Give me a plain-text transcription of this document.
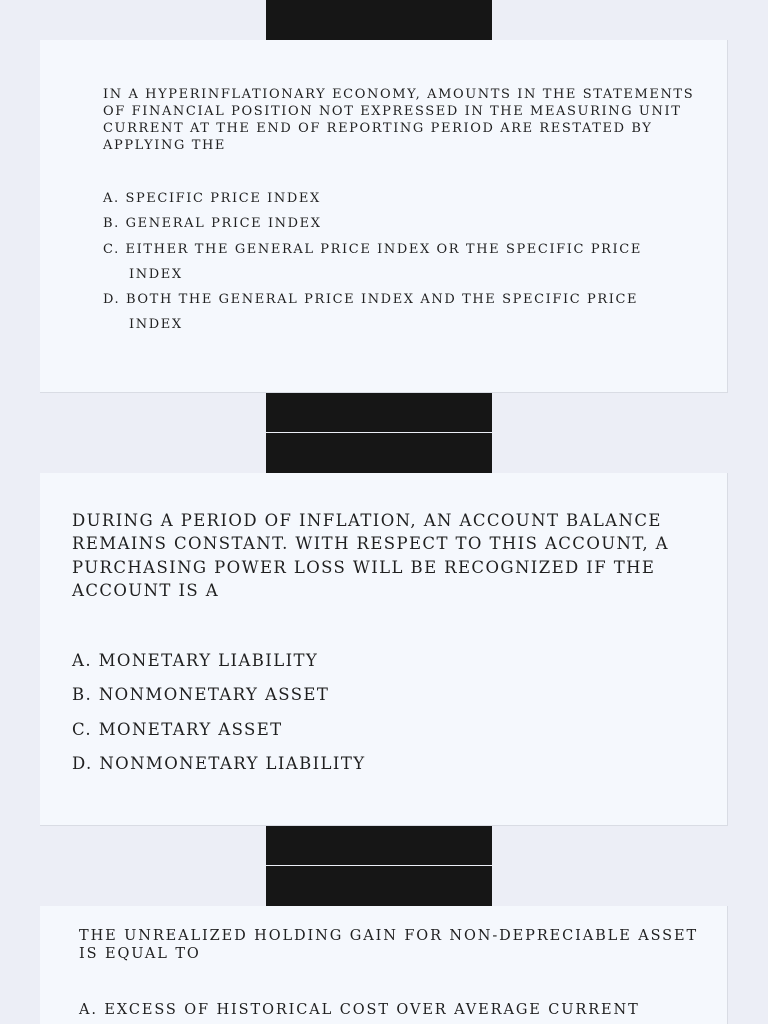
IN A HYPERINFLATIONARY ECONOMY, AMOUNTS IN THE STATEMENTS OF FINANCIAL POSITION NOT EXPRESSED IN THE MEASURING UNIT CURRENT AT THE END OF REPORTING PERIOD ARE RESTATED BY APPLYING THE

A. SPECIFIC PRICE INDEX
B. GENERAL PRICE INDEX
C. EITHER THE GENERAL PRICE INDEX OR THE SPECIFIC PRICE INDEX
D. BOTH THE GENERAL PRICE INDEX AND THE SPECIFIC PRICE INDEX

DURING A PERIOD OF INFLATION, AN ACCOUNT BALANCE REMAINS CONSTANT. WITH RESPECT TO THIS ACCOUNT, A PURCHASING POWER LOSS WILL BE RECOGNIZED IF THE ACCOUNT IS A

A. MONETARY LIABILITY
B. NONMONETARY ASSET
C. MONETARY ASSET
D. NONMONETARY LIABILITY

THE UNREALIZED HOLDING GAIN FOR NON-DEPRECIABLE ASSET IS EQUAL TO

A. EXCESS OF HISTORICAL COST OVER AVERAGE CURRENT
